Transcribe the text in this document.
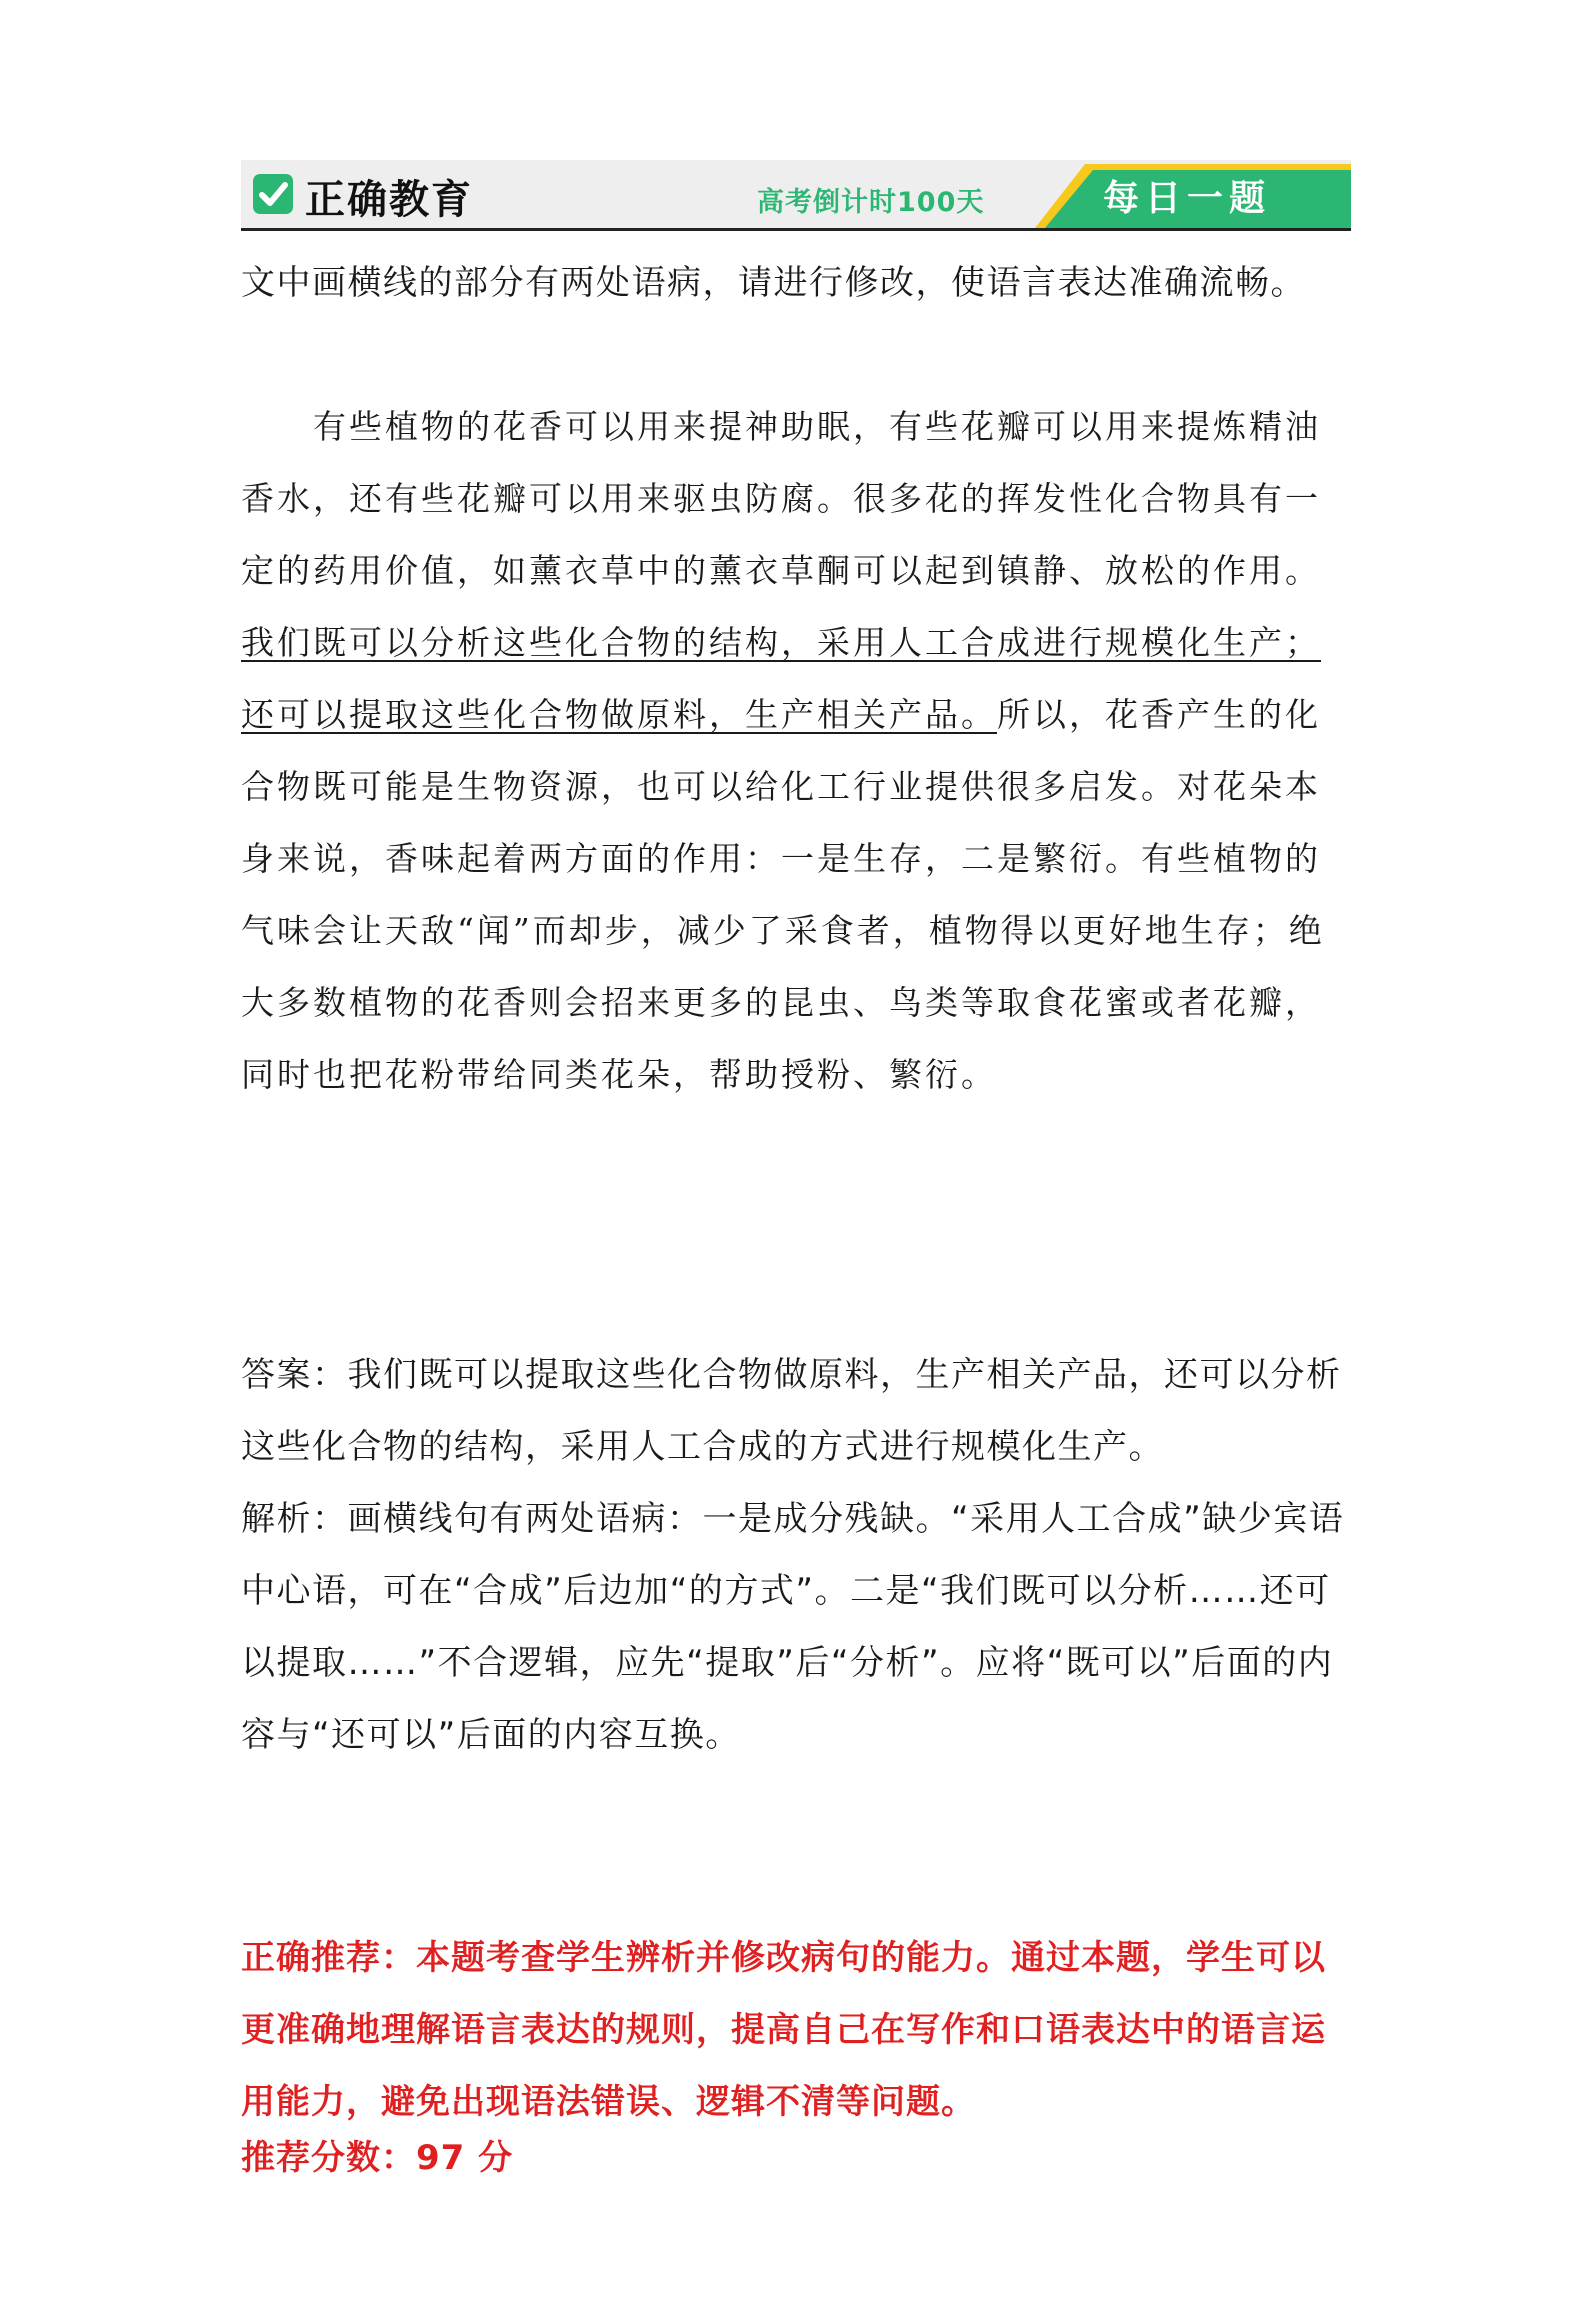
正确教育	高考倒计时100天	每日一题

文中画横线的部分有两处语病，请进行修改，使语言表达准确流畅。

有些植物的花香可以用来提神助眠，有些花瓣可以用来提炼精油香水，还有些花瓣可以用来驱虫防腐。很多花的挥发性化合物具有一定的药用价值，如薰衣草中的薰衣草酮可以起到镇静、放松的作用。我们既可以分析这些化合物的结构，采用人工合成进行规模化生产；还可以提取这些化合物做原料，生产相关产品。所以，花香产生的化合物既可能是生物资源，也可以给化工行业提供很多启发。对花朵本身来说，香味起着两方面的作用：一是生存，二是繁衍。有些植物的气味会让天敌“闻”而却步，减少了采食者，植物得以更好地生存；绝大多数植物的花香则会招来更多的昆虫、鸟类等取食花蜜或者花瓣，同时也把花粉带给同类花朵，帮助授粉、繁衍。

答案：我们既可以提取这些化合物做原料，生产相关产品，还可以分析这些化合物的结构，采用人工合成的方式进行规模化生产。

解析：画横线句有两处语病：一是成分残缺。“采用人工合成”缺少宾语中心语，可在“合成”后边加“的方式”。二是“我们既可以分析……还可以提取……”不合逻辑，应先“提取”后“分析”。应将“既可以”后面的内容与“还可以”后面的内容互换。

正确推荐：本题考查学生辨析并修改病句的能力。通过本题，学生可以更准确地理解语言表达的规则，提高自己在写作和口语表达中的语言运用能力，避免出现语法错误、逻辑不清等问题。

推荐分数：97 分
